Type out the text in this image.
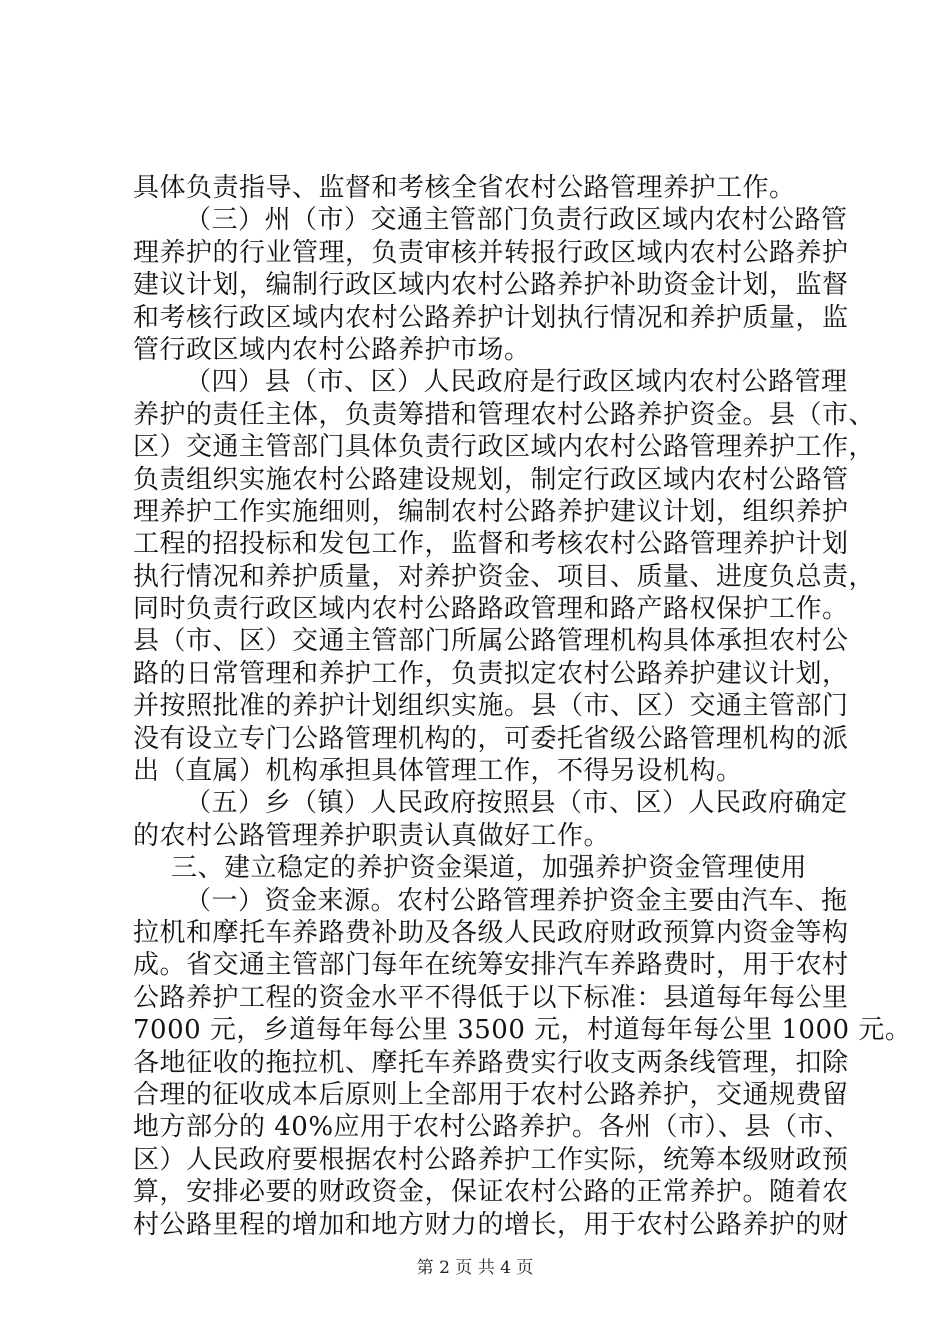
具体负责指导、监督和考核全省农村公路管理养护工作。
（三）州（市）交通主管部门负责行政区域内农村公路管
理养护的行业管理，负责审核并转报行政区域内农村公路养护
建议计划，编制行政区域内农村公路养护补助资金计划，监督
和考核行政区域内农村公路养护计划执行情况和养护质量，监
管行政区域内农村公路养护市场。
（四）县（市、区）人民政府是行政区域内农村公路管理
养护的责任主体，负责筹措和管理农村公路养护资金。县（市、
区）交通主管部门具体负责行政区域内农村公路管理养护工作，
负责组织实施农村公路建设规划，制定行政区域内农村公路管
理养护工作实施细则，编制农村公路养护建议计划，组织养护
工程的招投标和发包工作，监督和考核农村公路管理养护计划
执行情况和养护质量，对养护资金、项目、质量、进度负总责，
同时负责行政区域内农村公路路政管理和路产路权保护工作。
县（市、区）交通主管部门所属公路管理机构具体承担农村公
路的日常管理和养护工作，负责拟定农村公路养护建议计划，
并按照批准的养护计划组织实施。县（市、区）交通主管部门
没有设立专门公路管理机构的，可委托省级公路管理机构的派
出（直属）机构承担具体管理工作，不得另设机构。
（五）乡（镇）人民政府按照县（市、区）人民政府确定
的农村公路管理养护职责认真做好工作。
三、建立稳定的养护资金渠道，加强养护资金管理使用
（一）资金来源。农村公路管理养护资金主要由汽车、拖
拉机和摩托车养路费补助及各级人民政府财政预算内资金等构
成。省交通主管部门每年在统筹安排汽车养路费时，用于农村
公路养护工程的资金水平不得低于以下标准：县道每年每公里
7000 元，乡道每年每公里 3500 元，村道每年每公里 1000 元。
各地征收的拖拉机、摩托车养路费实行收支两条线管理，扣除
合理的征收成本后原则上全部用于农村公路养护，交通规费留
地方部分的 40%应用于农村公路养护。各州（市）、县（市、
区）人民政府要根据农村公路养护工作实际，统筹本级财政预
算，安排必要的财政资金，保证农村公路的正常养护。随着农
村公路里程的增加和地方财力的增长，用于农村公路养护的财
第 2 页 共 4 页
